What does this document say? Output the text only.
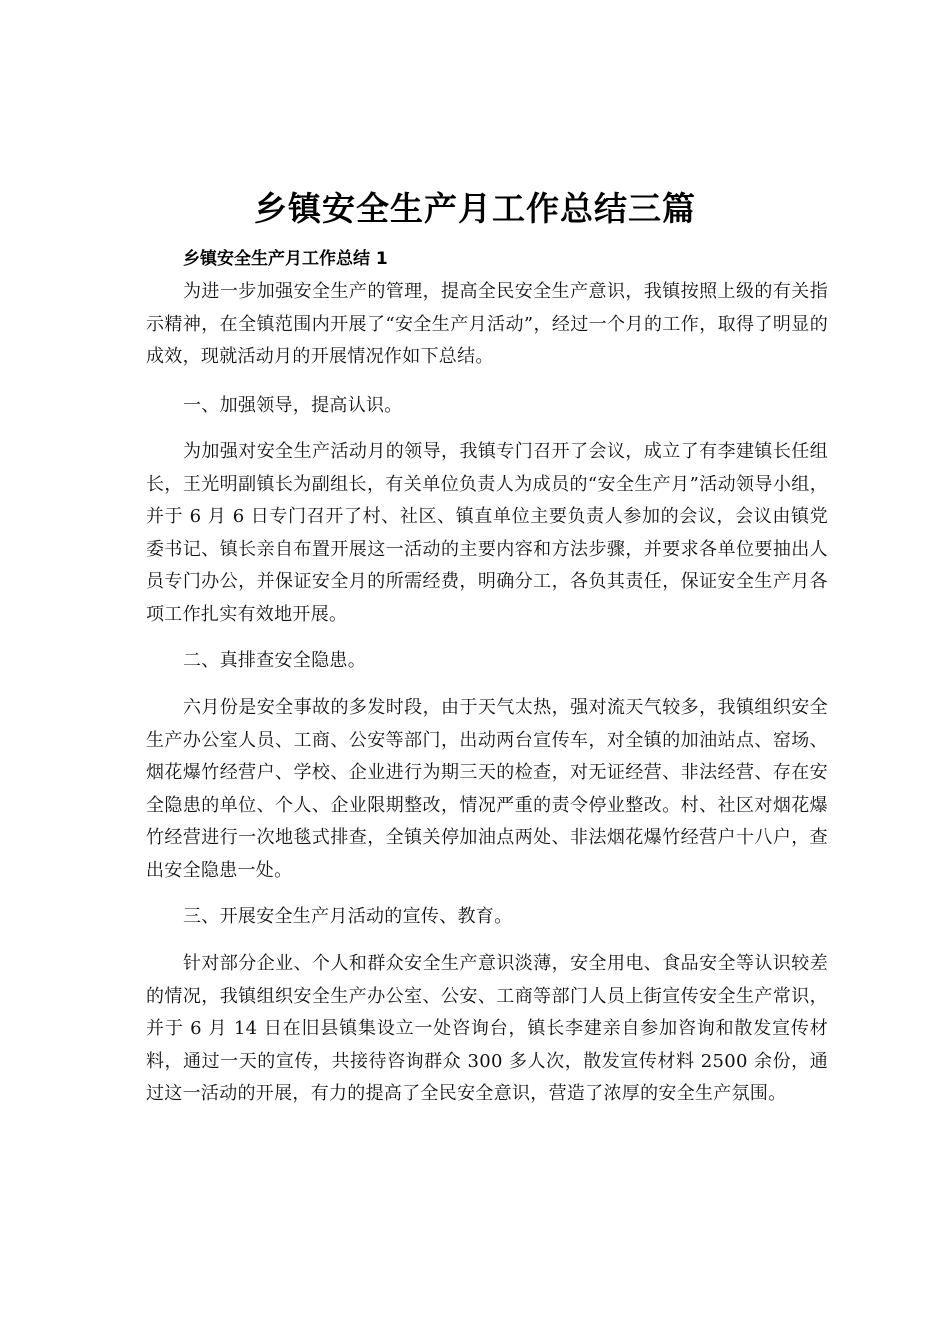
乡镇安全生产月工作总结三篇
乡镇安全生产月工作总结 1

为进一步加强安全生产的管理，提高全民安全生产意识，我镇按照上级的有关指示精神，在全镇范围内开展了“安全生产月活动”，经过一个月的工作，取得了明显的成效，现就活动月的开展情况作如下总结。

一、加强领导，提高认识。

为加强对安全生产活动月的领导，我镇专门召开了会议，成立了有李建镇长任组长，王光明副镇长为副组长，有关单位负责人为成员的“安全生产月”活动领导小组，并于 6 月 6 日专门召开了村、社区、镇直单位主要负责人参加的会议，会议由镇党委书记、镇长亲自布置开展这一活动的主要内容和方法步骤，并要求各单位要抽出人员专门办公，并保证安全月的所需经费，明确分工，各负其责任，保证安全生产月各项工作扎实有效地开展。

二、真排查安全隐患。

六月份是安全事故的多发时段，由于天气太热，强对流天气较多，我镇组织安全生产办公室人员、工商、公安等部门，出动两台宣传车，对全镇的加油站点、窑场、烟花爆竹经营户、学校、企业进行为期三天的检查，对无证经营、非法经营、存在安全隐患的单位、个人、企业限期整改，情况严重的责令停业整改。村、社区对烟花爆竹经营进行一次地毯式排查，全镇关停加油点两处、非法烟花爆竹经营户十八户，查出安全隐患一处。

三、开展安全生产月活动的宣传、教育。

针对部分企业、个人和群众安全生产意识淡薄，安全用电、食品安全等认识较差的情况，我镇组织安全生产办公室、公安、工商等部门人员上街宣传安全生产常识，并于 6 月 14 日在旧县镇集设立一处咨询台，镇长李建亲自参加咨询和散发宣传材料，通过一天的宣传，共接待咨询群众 300 多人次，散发宣传材料 2500 余份，通过这一活动的开展，有力的提高了全民安全意识，营造了浓厚的安全生产氛围。
